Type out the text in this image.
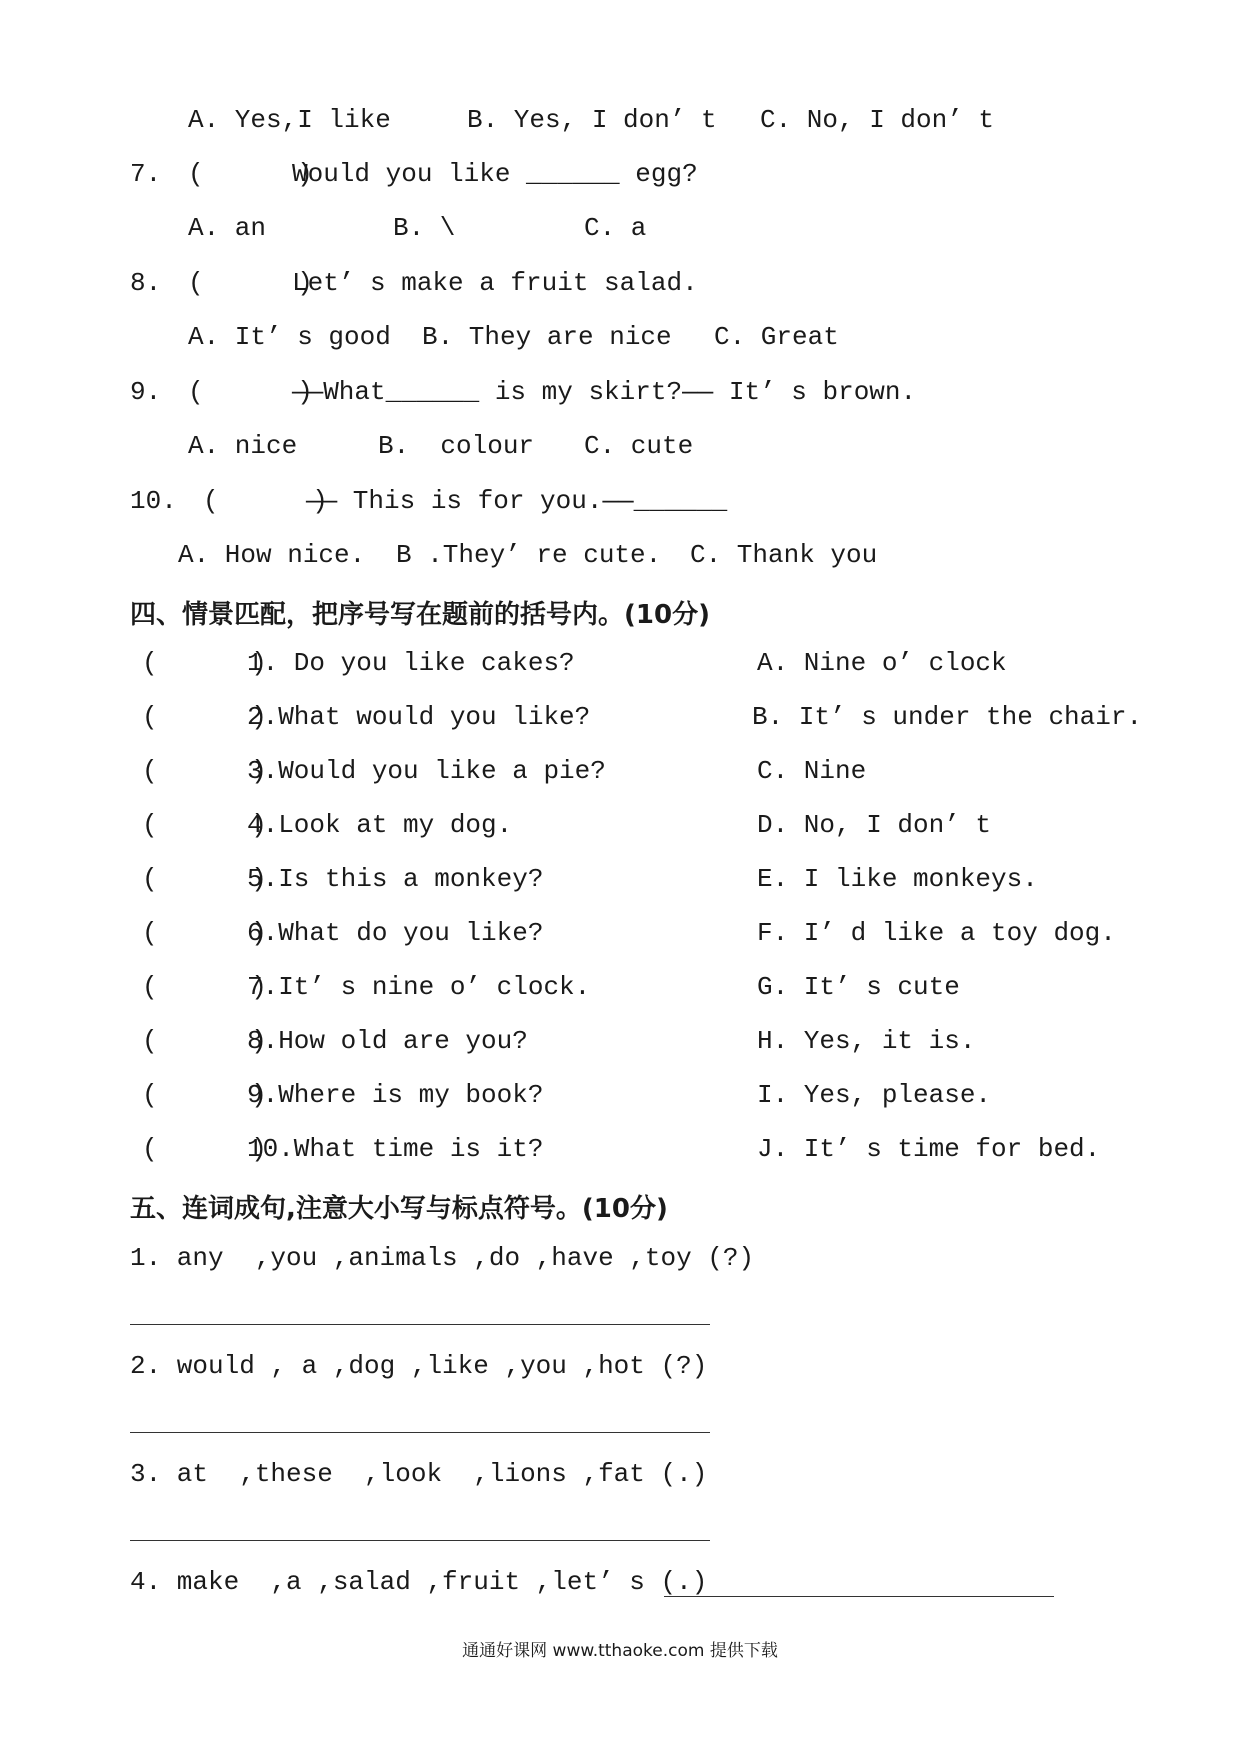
A. Yes,I like	B. Yes, I don’ t C. No, I don’ t
7. (      )
Would you like ______ egg?
A. an	B. \	C. a
8. (      )
Let’ s make a fruit salad.
A. It’ s good B. They are nice C. Great
9. (      )
——What______ is my skirt?—— It’ s brown.
A. nice	B.  colour C. cute
10. (      )
—— This is for you.——______
A. How nice. B .They’ re cute. C. Thank you
四、情景匹配，把序号写在题前的括号内。(10分)
(      )
1. Do you like cakes?	A. Nine o’ clock
(      )
2.What would you like?	B. It’ s under the chair.
(      )
3.Would you like a pie?	C. Nine
(      )
4.Look at my dog.	D. No, I don’ t
(      )
5.Is this a monkey?	E. I like monkeys.
(      )
6.What do you like?	F. I’ d like a toy dog.
(      )
7.It’ s nine o’ clock.	G. It’ s cute
(      )
8.How old are you?	H. Yes, it is.
(      )
9.Where is my book?	I. Yes, please.
(      )
10.What time is it?	J. It’ s time for bed.
五、连词成句,注意大小写与标点符号。(10分)
1. any  ,you ,animals ,do ,have ,toy (?)
2. would , a ,dog ,like ,you ,hot (?)
3. at  ,these  ,look  ,lions ,fat (.)
4. make  ,a ,salad ,fruit ,let’ s (.)
通通好课网 www.tthaoke.com 提供下载
